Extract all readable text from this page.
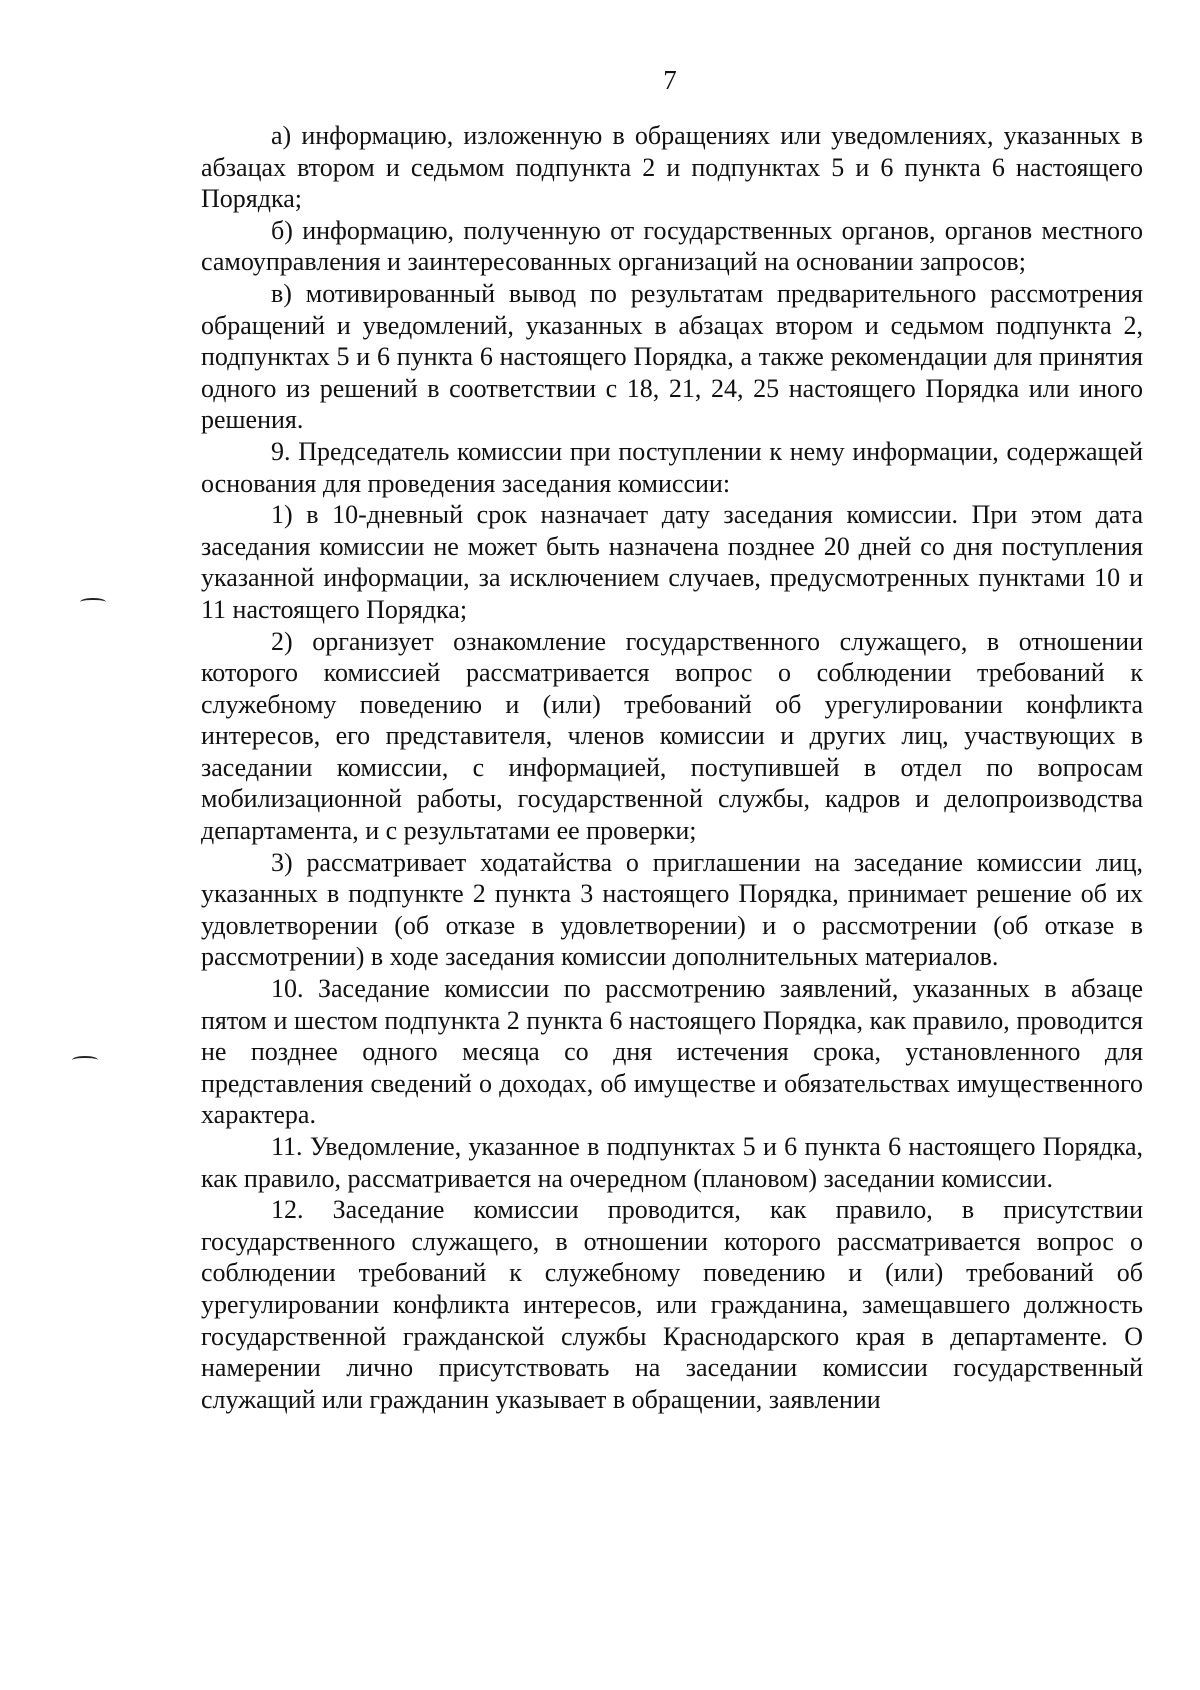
7

а) информацию, изложенную в обращениях или уведомлениях, указанных в абзацах втором и седьмом подпункта 2 и подпунктах 5 и 6 пункта 6 настоящего Порядка;

б) информацию, полученную от государственных органов, органов местного самоуправления и заинтересованных организаций на основании запросов;

в) мотивированный вывод по результатам предварительного рассмотрения обращений и уведомлений, указанных в абзацах втором и седьмом подпункта 2, подпунктах 5 и 6 пункта 6 настоящего Порядка, а также рекомендации для принятия одного из решений в соответствии с 18, 21, 24, 25 настоящего Порядка или иного решения.

9. Председатель комиссии при поступлении к нему информации, содержащей основания для проведения заседания комиссии:

1) в 10-дневный срок назначает дату заседания комиссии. При этом дата заседания комиссии не может быть назначена позднее 20 дней со дня поступления указанной информации, за исключением случаев, предусмотренных пунктами 10 и 11 настоящего Порядка;

2) организует ознакомление государственного служащего, в отношении которого комиссией рассматривается вопрос о соблюдении требований к служебному поведению и (или) требований об урегулировании конфликта интересов, его представителя, членов комиссии и других лиц, участвующих в заседании комиссии, с информацией, поступившей в отдел по вопросам мобилизационной работы, государственной службы, кадров и делопроизводства департамента, и с результатами ее проверки;

3) рассматривает ходатайства о приглашении на заседание комиссии лиц, указанных в подпункте 2 пункта 3 настоящего Порядка, принимает решение об их удовлетворении (об отказе в удовлетворении) и о рассмотрении (об отказе в рассмотрении) в ходе заседания комиссии дополнительных материалов.

10. Заседание комиссии по рассмотрению заявлений, указанных в абзаце пятом и шестом подпункта 2 пункта 6 настоящего Порядка, как правило, проводится не позднее одного месяца со дня истечения срока, установленного для представления сведений о доходах, об имуществе и обязательствах имущественного характера.

11. Уведомление, указанное в подпунктах 5 и 6 пункта 6 настоящего Порядка, как правило, рассматривается на очередном (плановом) заседании комиссии.

12. Заседание комиссии проводится, как правило, в присутствии государственного служащего, в отношении которого рассматривается вопрос о соблюдении требований к служебному поведению и (или) требований об урегулировании конфликта интересов, или гражданина, замещавшего должность государственной гражданской службы Краснодарского края в департаменте. О намерении лично присутствовать на заседании комиссии государственный служащий или гражданин указывает в обращении, заявлении
